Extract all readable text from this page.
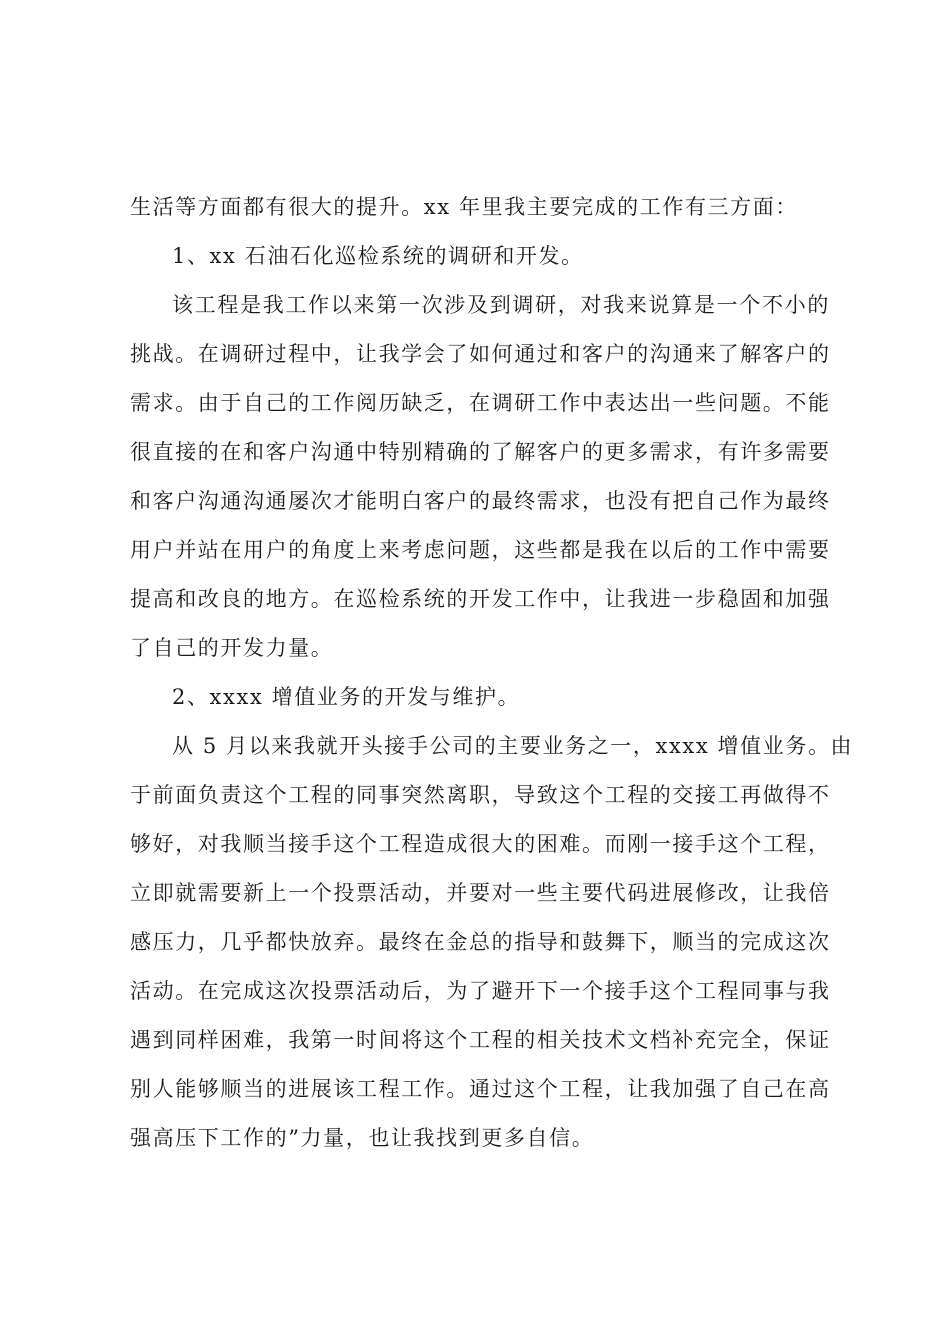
生活等方面都有很大的提升。xx 年里我主要完成的工作有三方面：
1、xx 石油石化巡检系统的调研和开发。
该工程是我工作以来第一次涉及到调研，对我来说算是一个不小的
挑战。在调研过程中，让我学会了如何通过和客户的沟通来了解客户的
需求。由于自己的工作阅历缺乏，在调研工作中表达出一些问题。不能
很直接的在和客户沟通中特别精确的了解客户的更多需求，有许多需要
和客户沟通沟通屡次才能明白客户的最终需求，也没有把自己作为最终
用户并站在用户的角度上来考虑问题，这些都是我在以后的工作中需要
提高和改良的地方。在巡检系统的开发工作中，让我进一步稳固和加强
了自己的开发力量。
2、xxxx 增值业务的开发与维护。
从 5 月以来我就开头接手公司的主要业务之一，xxxx 增值业务。由
于前面负责这个工程的同事突然离职，导致这个工程的交接工再做得不
够好，对我顺当接手这个工程造成很大的困难。而刚一接手这个工程，
立即就需要新上一个投票活动，并要对一些主要代码进展修改，让我倍
感压力，几乎都快放弃。最终在金总的指导和鼓舞下，顺当的完成这次
活动。在完成这次投票活动后，为了避开下一个接手这个工程同事与我
遇到同样困难，我第一时间将这个工程的相关技术文档补充完全，保证
别人能够顺当的进展该工程工作。通过这个工程，让我加强了自己在高
强高压下工作的”力量，也让我找到更多自信。
